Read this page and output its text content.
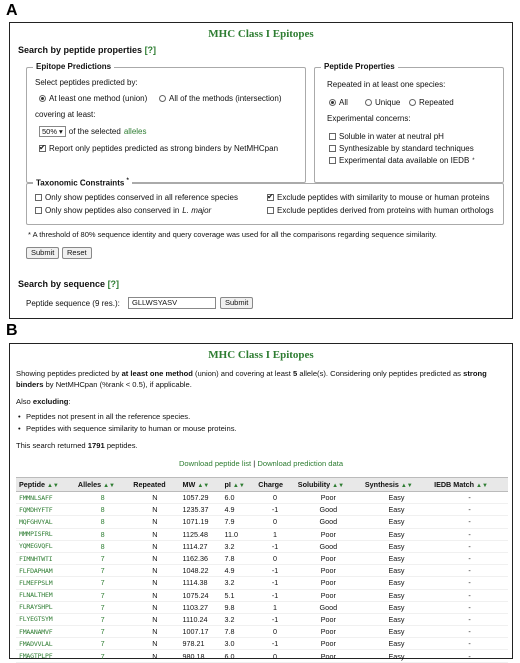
A
MHC Class I Epitopes
Search by peptide properties [?]
Epitope Predictions
Select peptides predicted by:
At least one method (union)	All of the methods (intersection)
covering at least:
50% ▾ of the selected alleles
✔
Report only peptides predicted as strong binders by NetMHCpan
Peptide Properties
Repeated in at least one species:
All	Unique Repeated
Experimental concerns:
Soluble in water at neutral pH
Synthesizable by standard techniques
Experimental data available on IEDB *
Taxonomic Constraints *
Only show peptides conserved in all reference species
Only show peptides also conserved in L. major
✔
Exclude peptides with similarity to mouse or human proteins
Exclude peptides derived from proteins with human orthologs
* A threshold of 80% sequence identity and query coverage was used for all the comparisons regarding sequence similarity.
Submit	Reset
Search by sequence [?]
Peptide sequence (9 res.):	GLLWSYASV	Submit
B
MHC Class I Epitopes
Showing peptides predicted by at least one method (union) and covering at least 5 allele(s). Considering only peptides predicted as strong binders by NetMHCpan (%rank < 0.5), if applicable.
Also excluding:
• Peptides not present in all the reference species.
• Peptides with sequence similarity to human or mouse proteins.
This search returned 1791 peptides.
Download peptide list | Download prediction data
Peptide ▲▼	Alleles ▲▼	Repeated	MW ▲▼	pI ▲▼	Charge	Solubility ▲▼	Synthesis ▲▼	IEDB Match ▲▼
FMMNLSAFF	8	N	1057.29	6.0	0	Poor	Easy	-
FQMDHYFTF	8	N	1235.37	4.9	-1	Good	Easy	-
MQFGHVYAL	8	N	1071.19	7.9	0	Good	Easy	-
MMMPISFRL	8	N	1125.48	11.0	1	Poor	Easy	-
YQMEGVQFL	8	N	1114.27	3.2	-1	Good	Easy	-
FIMNHTWTI	7	N	1162.36	7.8	0	Poor	Easy	-
FLFDAPHAM	7	N	1048.22	4.9	-1	Poor	Easy	-
FLMEFPSLM	7	N	1114.38	3.2	-1	Poor	Easy	-
FLNALTHEM	7	N	1075.24	5.1	-1	Poor	Easy	-
FLRAYSHPL	7	N	1103.27	9.8	1	Good	Easy	-
FLYEGTSYM	7	N	1110.24	3.2	-1	Poor	Easy	-
FMAANAMVF	7	N	1007.17	7.8	0	Poor	Easy	-
FMADVVLAL	7	N	978.21	3.0	-1	Poor	Easy	-
FMAGTPLPF	7	N	980.18	6.0	0	Poor	Easy	-
